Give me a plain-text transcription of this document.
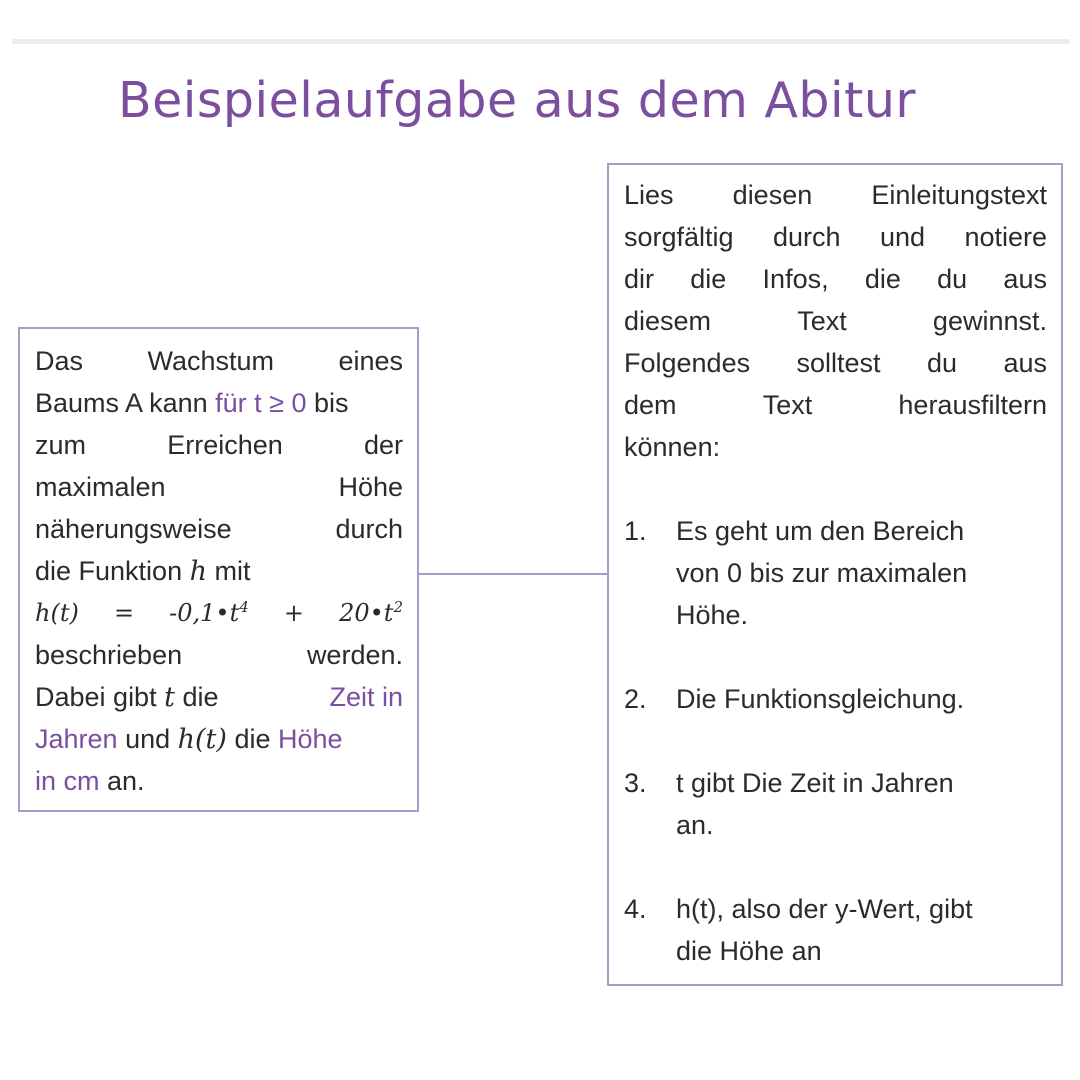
Beispielaufgabe aus dem Abitur
Das Wachstum eines
Baums A kann für t ≥ 0 bis
zum	Erreichen	der
maximalen	Höhe
näherungsweise	durch
die Funktion h mit
$h(t) = -0,1•t^4$ + $20•t^2$
beschrieben	werden.
Dabei gibt t die	Zeit in
Jahren und h(t) die Höhe
in cm an.
Lies diesen Einleitungstext
sorgfältig durch und notiere
dir die Infos, die du aus
diesem	Text	gewinnst.
Folgendes solltest du aus
dem	Text	herausfiltern
können:
1.	Es geht um den Bereich
von 0 bis zur maximalen
Höhe.
2.	Die Funktionsgleichung.
3.	t gibt Die Zeit in Jahren
an.
4.	h(t), also der y-Wert, gibt
die Höhe an
